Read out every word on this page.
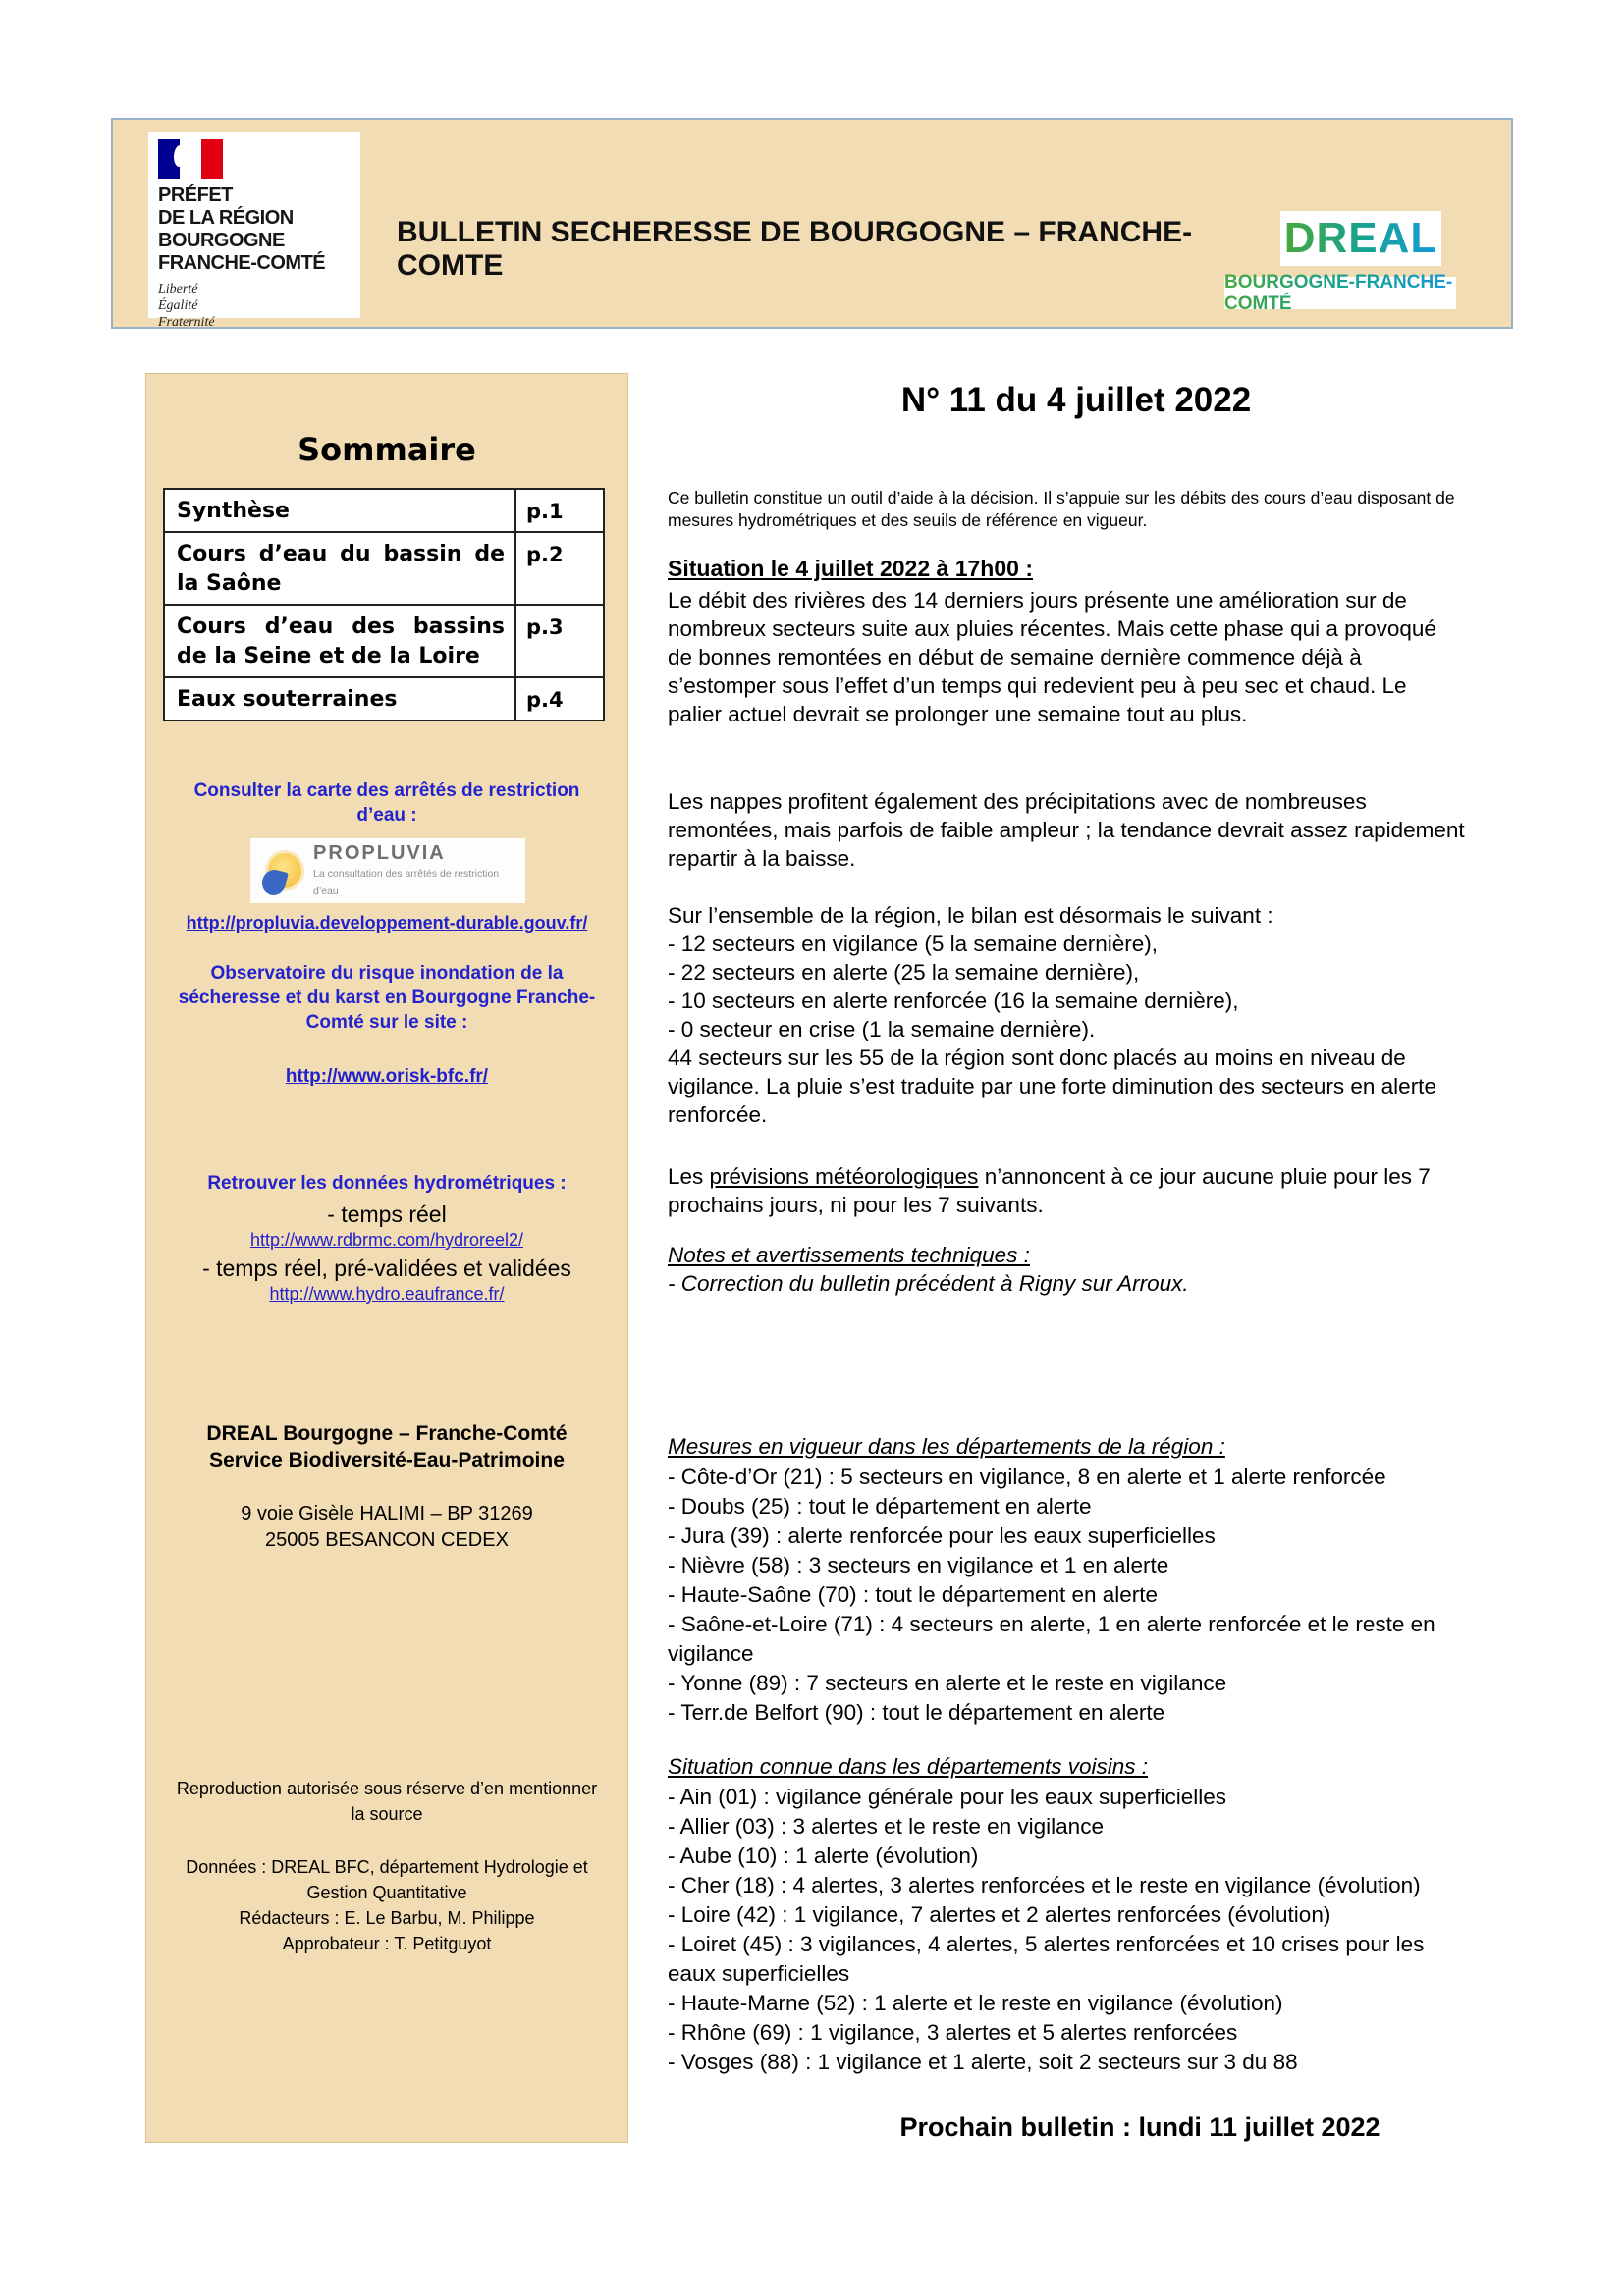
PRÉFET
DE LA RÉGION
BOURGOGNE
FRANCHE-COMTÉ
Liberté
Égalité
Fraternité
BULLETIN SECHERESSE DE BOURGOGNE – FRANCHE-COMTE
DREAL
BOURGOGNE-FRANCHE-COMTÉ
Sommaire
Synthèse	p.1
Cours d’eau du bassin de la Saône
p.2
Cours d’eau des bassins de la Seine et de la Loire
p.3
Eaux souterraines	p.4
Consulter la carte des arrêtés de restriction d’eau :
PROPLUVIA
La consultation des arrêtés de restriction d’eau
http://propluvia.developpement-durable.gouv.fr/
Observatoire du risque inondation de la sécheresse et du karst en Bourgogne Franche-Comté sur le site :
http://www.orisk-bfc.fr/
Retrouver les données hydrométriques :
- temps réel
http://www.rdbrmc.com/hydroreel2/
- temps réel, pré-validées et validées
http://www.hydro.eaufrance.fr/
DREAL Bourgogne – Franche-Comté
Service Biodiversité-Eau-Patrimoine
9 voie Gisèle HALIMI – BP 31269
25005 BESANCON CEDEX
Reproduction autorisée sous réserve d’en mentionner la source
Données : DREAL BFC, département Hydrologie et Gestion Quantitative
Rédacteurs : E. Le Barbu, M. Philippe
Approbateur : T. Petitguyot
N° 11 du 4 juillet 2022
Ce bulletin constitue un outil d’aide à la décision. Il s’appuie sur les débits des cours d’eau disposant de mesures hydrométriques et des seuils de référence en vigueur.
Situation le 4 juillet 2022 à 17h00 :
Le débit des rivières des 14 derniers jours présente une amélioration sur de nombreux secteurs suite aux pluies récentes. Mais cette phase qui a provoqué de bonnes remontées en début de semaine dernière commence déjà à s’estomper sous l’effet d’un temps qui redevient peu à peu sec et chaud. Le palier actuel devrait se prolonger une semaine tout au plus.
Les nappes profitent également des précipitations avec de nombreuses remontées, mais parfois de faible ampleur ; la tendance devrait assez rapidement repartir à la baisse.
Sur l’ensemble de la région, le bilan est désormais le suivant :
- 12 secteurs en vigilance (5 la semaine dernière),
- 22 secteurs en alerte (25 la semaine dernière),
- 10 secteurs en alerte renforcée (16 la semaine dernière),
- 0 secteur en crise (1 la semaine dernière).
44 secteurs sur les 55 de la région sont donc placés au moins en niveau de vigilance. La pluie s’est traduite par une forte diminution des secteurs en alerte renforcée.
Les prévisions météorologiques n’annoncent à ce jour aucune pluie pour les 7 prochains jours, ni pour les 7 suivants.
Notes et avertissements techniques :
- Correction du bulletin précédent à Rigny sur Arroux.
Mesures en vigueur dans les départements de la région :
- Côte-d’Or (21) : 5 secteurs en vigilance, 8 en alerte et 1 alerte renforcée
- Doubs (25) : tout le département en alerte
- Jura (39) : alerte renforcée pour les eaux superficielles
- Nièvre (58) : 3 secteurs en vigilance et 1 en alerte
- Haute-Saône (70) : tout le département en alerte
- Saône-et-Loire (71) : 4 secteurs en alerte, 1 en alerte renforcée et le reste en vigilance
- Yonne (89) : 7 secteurs en alerte et le reste en vigilance
- Terr.de Belfort (90) : tout le département en alerte
Situation connue dans les départements voisins :
- Ain (01) : vigilance générale pour les eaux superficielles
- Allier (03) : 3 alertes et le reste en vigilance
- Aube (10) : 1 alerte (évolution)
- Cher (18) : 4 alertes, 3 alertes renforcées et le reste en vigilance (évolution)
- Loire (42) : 1 vigilance, 7 alertes et 2 alertes renforcées (évolution)
- Loiret (45) : 3 vigilances, 4 alertes, 5 alertes renforcées et 10 crises pour les eaux superficielles
- Haute-Marne (52) : 1 alerte et le reste en vigilance (évolution)
- Rhône (69) : 1 vigilance, 3 alertes et 5 alertes renforcées
- Vosges (88) : 1 vigilance et 1 alerte, soit 2 secteurs sur 3 du 88
Prochain bulletin : lundi 11 juillet 2022
